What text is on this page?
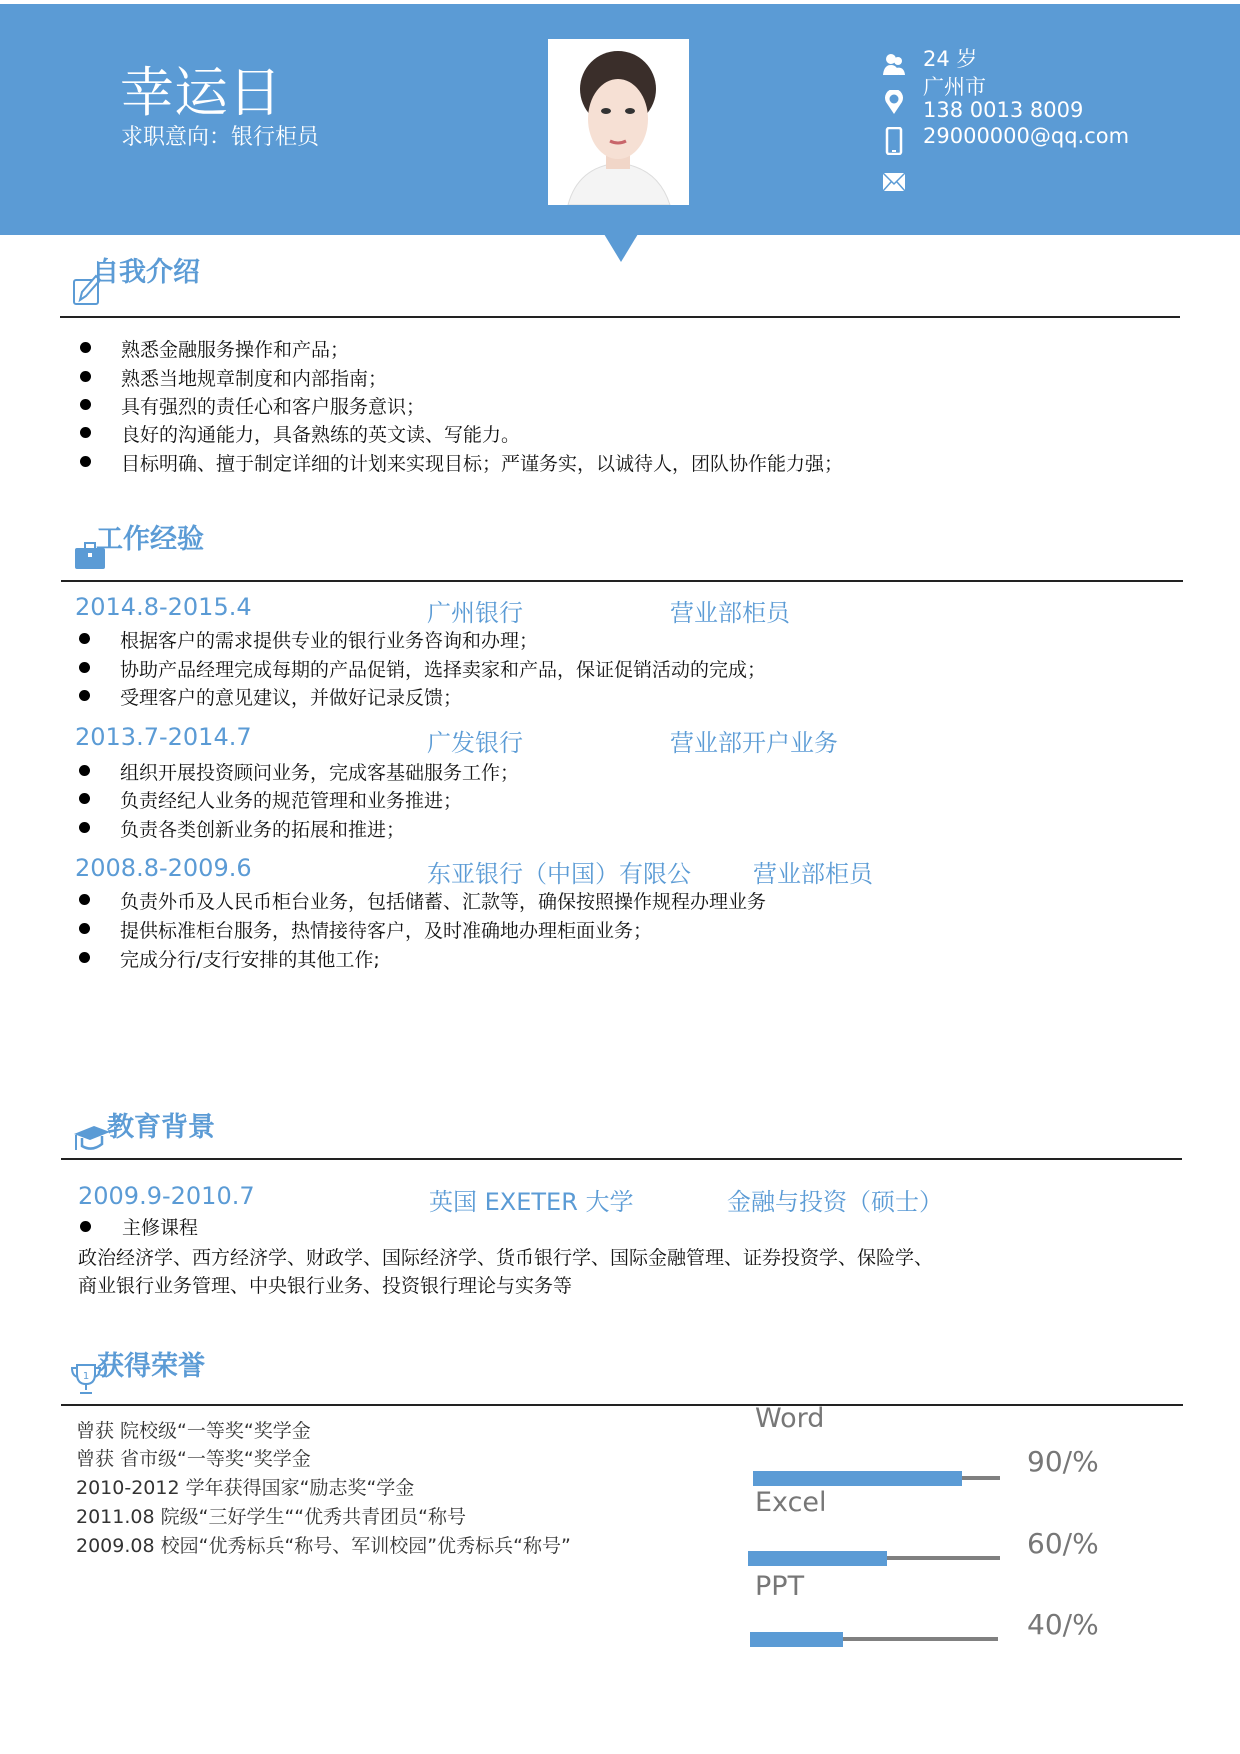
幸运日
求职意向：银行柜员
24 岁
广州市
138 0013 8009
29000000@qq.com
自我介绍
熟悉金融服务操作和产品；
熟悉当地规章制度和内部指南；
具有强烈的责任心和客户服务意识；
良好的沟通能力，具备熟练的英文读、写能力。
目标明确、擅于制定详细的计划来实现目标；严谨务实，以诚待人，团队协作能力强；
工作经验
2014.8-2015.4	广州银行	营业部柜员
根据客户的需求提供专业的银行业务咨询和办理；
协助产品经理完成每期的产品促销，选择卖家和产品，保证促销活动的完成；
受理客户的意见建议，并做好记录反馈；
2013.7-2014.7	广发银行	营业部开户业务
组织开展投资顾问业务，完成客基础服务工作；
负责经纪人业务的规范管理和业务推进；
负责各类创新业务的拓展和推进；
2008.8-2009.6	东亚银行（中国）有限公	营业部柜员
负责外币及人民币柜台业务，包括储蓄、汇款等，确保按照操作规程办理业务
提供标准柜台服务，热情接待客户，及时准确地办理柜面业务；
完成分行/支行安排的其他工作;
教育背景
2009.9-2010.7	英国 EXETER 大学	金融与投资（硕士）
主修课程
政治经济学、西方经济学、财政学、国际经济学、货币银行学、国际金融管理、证券投资学、保险学、
商业银行业务管理、中央银行业务、投资银行理论与实务等
1 获得荣誉
曾获 院校级“一等奖“奖学金
曾获 省市级“一等奖“奖学金
2010-2012 学年获得国家“励志奖“学金
2011.08 院级“三好学生““优秀共青团员“称号
2009.08 校园“优秀标兵“称号、军训校园”优秀标兵“称号”
Word
90/%
Excel
60/%
PPT
40/%
